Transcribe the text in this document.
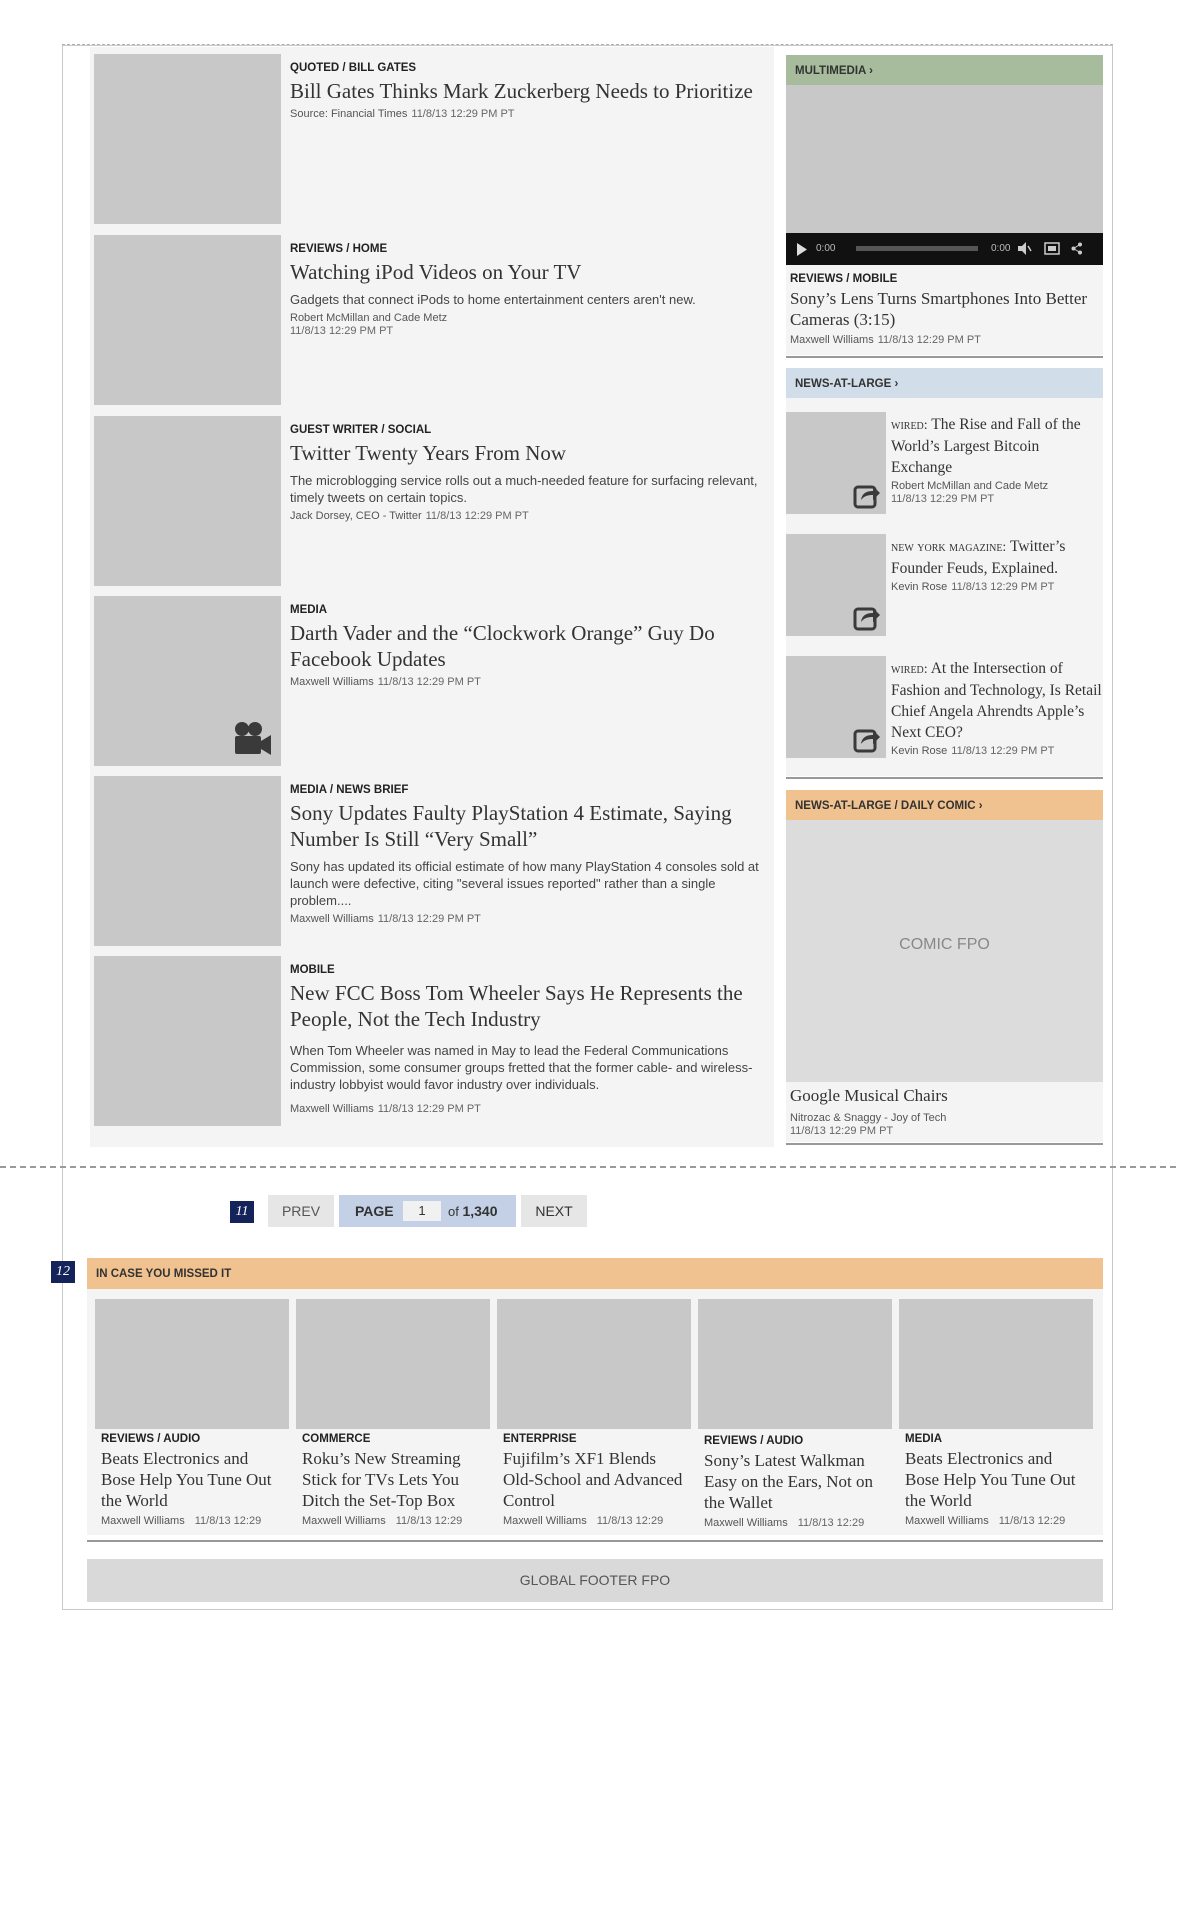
QUOTED / BILL GATES
Bill Gates Thinks Mark Zuckerberg Needs to Prioritize
Source: Financial Times 11/8/13 12:29 PM PT
REVIEWS / HOME
Watching iPod Videos on Your TV
Gadgets that connect iPods to home entertainment centers aren't new.
Robert McMillan and Cade Metz
11/8/13 12:29 PM PT
GUEST WRITER / SOCIAL
Twitter Twenty Years From Now
The microblogging service rolls out a much-needed feature for surfacing relevant, timely tweets on certain topics.
Jack Dorsey, CEO - Twitter 11/8/13 12:29 PM PT
MEDIA
Darth Vader and the “Clockwork Orange” Guy Do Facebook Updates
Maxwell Williams 11/8/13 12:29 PM PT
MEDIA / NEWS BRIEF
Sony Updates Faulty PlayStation 4 Estimate, Saying Number Is Still “Very Small”
Sony has updated its official estimate of how many PlayStation 4 consoles sold at launch were defective, citing "several issues reported" rather than a single problem....
Maxwell Williams 11/8/13 12:29 PM PT
MOBILE
New FCC Boss Tom Wheeler Says He Represents the People, Not the Tech Industry
When Tom Wheeler was named in May to lead the Federal Communications Commission, some consumer groups fretted that the former cable- and wireless-industry lobbyist would favor industry over individuals.
Maxwell Williams 11/8/13 12:29 PM PT
MULTIMEDIA ›
0:00	0:00
REVIEWS / MOBILE
Sony’s Lens Turns Smartphones Into Better Cameras (3:15)
Maxwell Williams 11/8/13 12:29 PM PT
NEWS-AT-LARGE ›
wired: The Rise and Fall of the World’s Largest Bitcoin Exchange
Robert McMillan and Cade Metz
11/8/13 12:29 PM PT
new york magazine: Twitter’s Founder Feuds, Explained.
Kevin Rose 11/8/13 12:29 PM PT
wired: At the Intersection of Fashion and Technology, Is Retail Chief Angela Ahrendts Apple’s Next CEO?
Kevin Rose 11/8/13 12:29 PM PT
NEWS-AT-LARGE / DAILY COMIC ›
COMIC FPO
Google Musical Chairs
Nitrozac & Snaggy - Joy of Tech
11/8/13 12:29 PM PT
11	PREV	PAGE	1	of 1,340	NEXT
12	IN CASE YOU MISSED IT
REVIEWS / AUDIO
Beats Electronics and Bose Help You Tune Out the World
Maxwell Williams 11/8/13 12:29
COMMERCE
Roku’s New Streaming Stick for TVs Lets You Ditch the Set-Top Box
Maxwell Williams 11/8/13 12:29
ENTERPRISE
Fujifilm’s XF1 Blends Old-School and Advanced Control
Maxwell Williams 11/8/13 12:29
REVIEWS / AUDIO
Sony’s Latest Walkman Easy on the Ears, Not on the Wallet
Maxwell Williams 11/8/13 12:29
MEDIA
Beats Electronics and Bose Help You Tune Out the World
Maxwell Williams 11/8/13 12:29
GLOBAL FOOTER FPO
